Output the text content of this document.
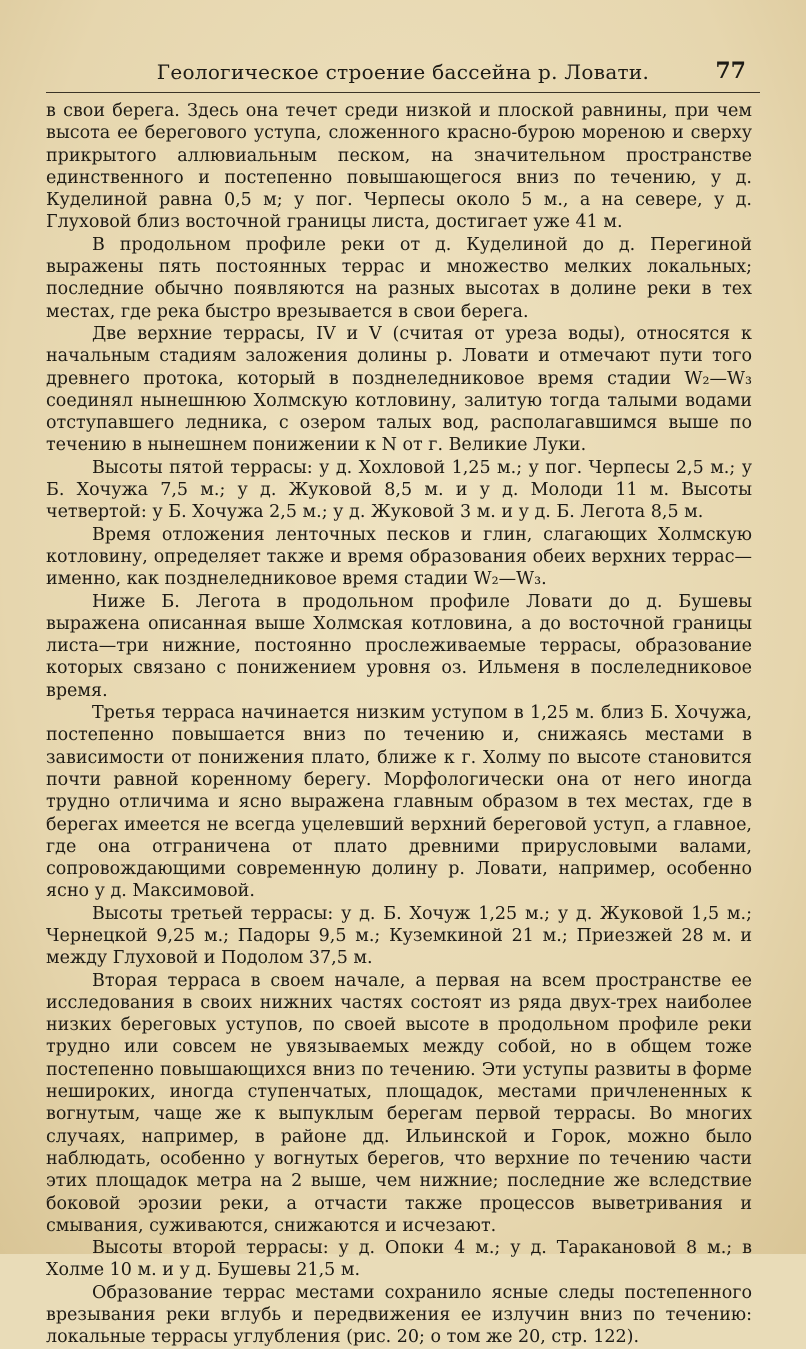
Геологическое строение бассейна р. Ловати.	77

в свои берега. Здесь она течет среди низкой и плоской равнины, при чем высота ее берегового уступа, сложенного красно-бурою мореною и сверху прикрытого аллювиальным песком, на значительном пространстве единственного и постепенно повышающегося вниз по течению, у д. Куделиной равна 0,5 м; у пог. Черпесы около 5 м., а на севере, у д. Глуховой близ восточной границы листа, достигает уже 41 м.

В продольном профиле реки от д. Куделиной до д. Перегиной выражены пять постоянных террас и множество мелких локальных; последние обычно появляются на разных высотах в долине реки в тех местах, где река быстро врезывается в свои берега.

Две верхние террасы, IV и V (считая от уреза воды), относятся к начальным стадиям заложения долины р. Ловати и отмечают пути того древнего протока, который в позднеледниковое время стадии W₂—W₃ соединял нынешнюю Холмскую котловину, залитую тогда талыми водами отступавшего ледника, с озером талых вод, располагавшимся выше по течению в нынешнем понижении к N от г. Великие Луки.

Высоты пятой террасы: у д. Хохловой 1,25 м.; у пог. Черпесы 2,5 м.; у Б. Хочужа 7,5 м.; у д. Жуковой 8,5 м. и у д. Молоди 11 м. Высоты четвертой: у Б. Хочужа 2,5 м.; у д. Жуковой 3 м. и у д. Б. Легота 8,5 м.

Время отложения ленточных песков и глин, слагающих Холмскую котловину, определяет также и время образования обеих верхних террас—именно, как позднеледниковое время стадии W₂—W₃.

Ниже Б. Легота в продольном профиле Ловати до д. Бушевы выражена описанная выше Холмская котловина, а до восточной границы листа—три нижние, постоянно прослеживаемые террасы, образование которых связано с понижением уровня оз. Ильменя в послеледниковое время.

Третья терраса начинается низким уступом в 1,25 м. близ Б. Хочужа, постепенно повышается вниз по течению и, снижаясь местами в зависимости от понижения плато, ближе к г. Холму по высоте становится почти равной коренному берегу. Морфологически она от него иногда трудно отличима и ясно выражена главным образом в тех местах, где в берегах имеется не всегда уцелевший верхний береговой уступ, а главное, где она отграничена от плато древними прирусловыми валами, сопровождающими современную долину р. Ловати, например, особенно ясно у д. Максимовой.

Высоты третьей террасы: у д. Б. Хочуж 1,25 м.; у д. Жуковой 1,5 м.; Чернецкой 9,25 м.; Падоры 9,5 м.; Куземкиной 21 м.; Приезжей 28 м. и между Глуховой и Подолом 37,5 м.

Вторая терраса в своем начале, а первая на всем пространстве ее исследования в своих нижних частях состоят из ряда двух-трех наиболее низких береговых уступов, по своей высоте в продольном профиле реки трудно или совсем не увязываемых между собой, но в общем тоже постепенно повышающихся вниз по течению. Эти уступы развиты в форме нешироких, иногда ступенчатых, площадок, местами причлененных к вогнутым, чаще же к выпуклым берегам первой террасы. Во многих случаях, например, в районе дд. Ильинской и Горок, можно было наблюдать, особенно у вогнутых берегов, что верхние по течению части этих площадок метра на 2 выше, чем нижние; последние же вследствие боковой эрозии реки, а отчасти также процессов выветривания и смывания, суживаются, снижаются и исчезают.

Высоты второй террасы: у д. Опоки 4 м.; у д. Таракановой 8 м.; в Холме 10 м. и у д. Бушевы 21,5 м.

Образование террас местами сохранило ясные следы постепенного врезывания реки вглубь и передвижения ее излучин вниз по течению: локальные террасы углубления (рис. 20; о том же 20, стр. 122).
